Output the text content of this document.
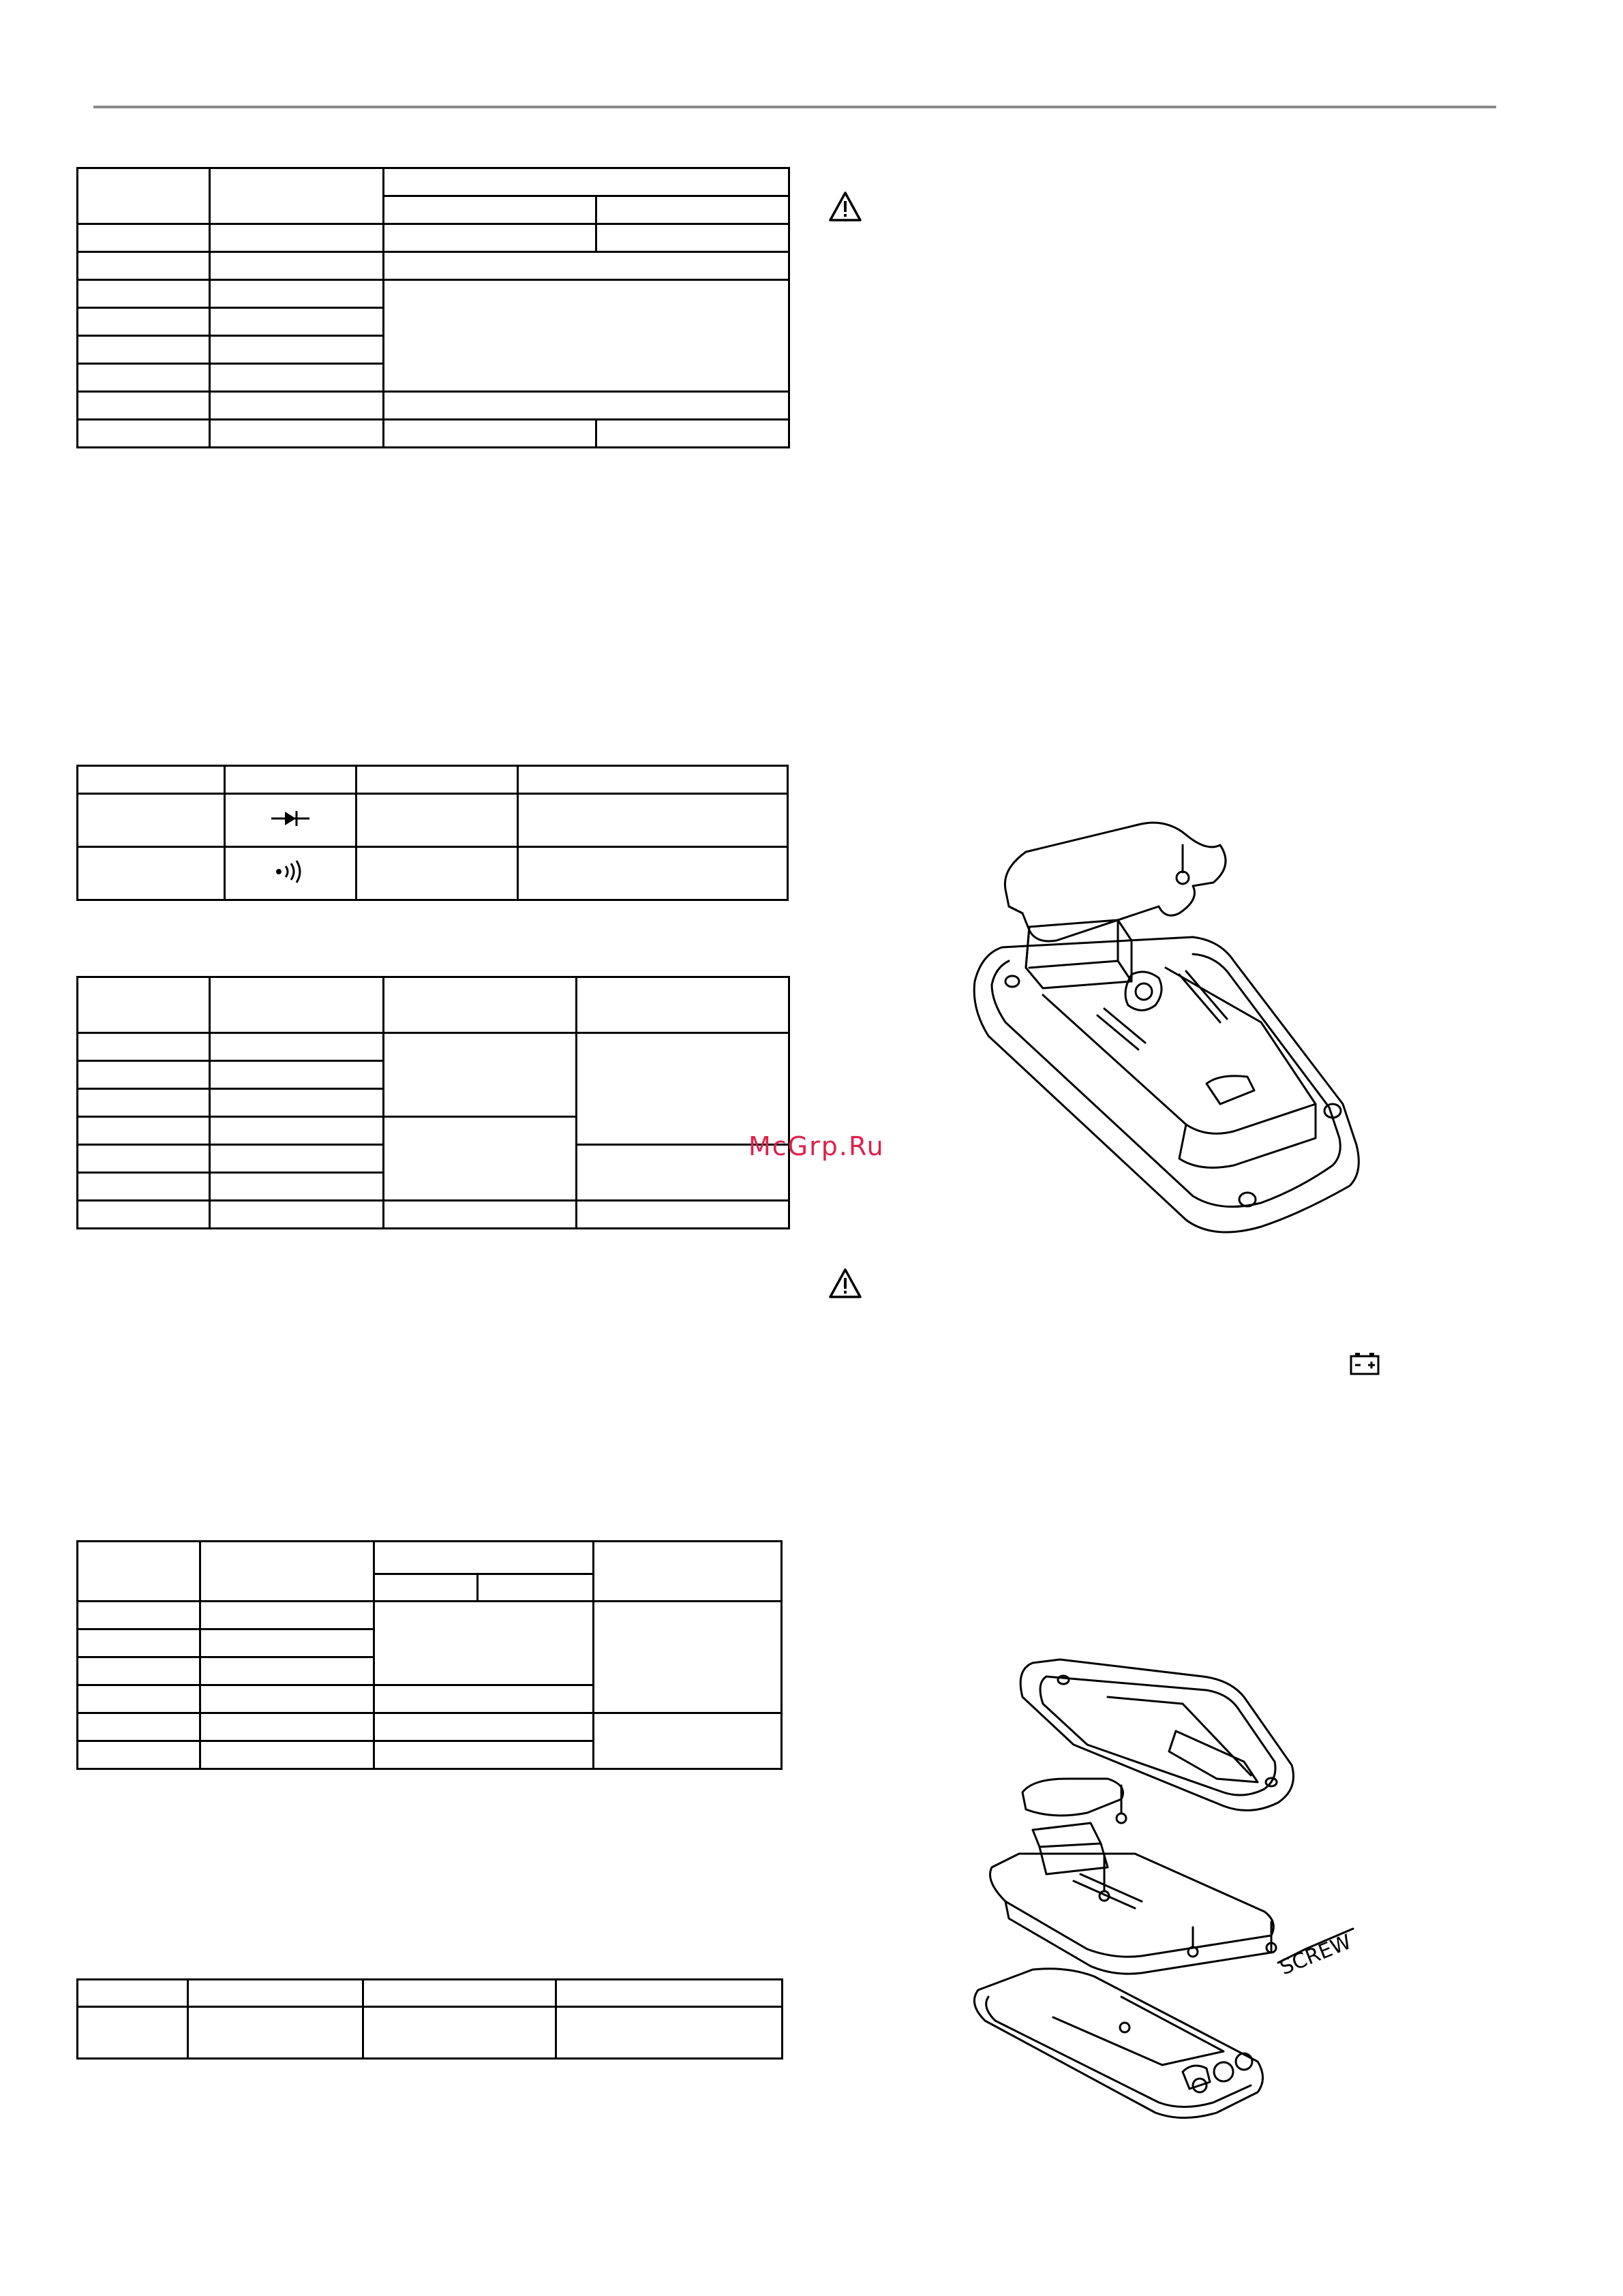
SCREW
McGrp.Ru
